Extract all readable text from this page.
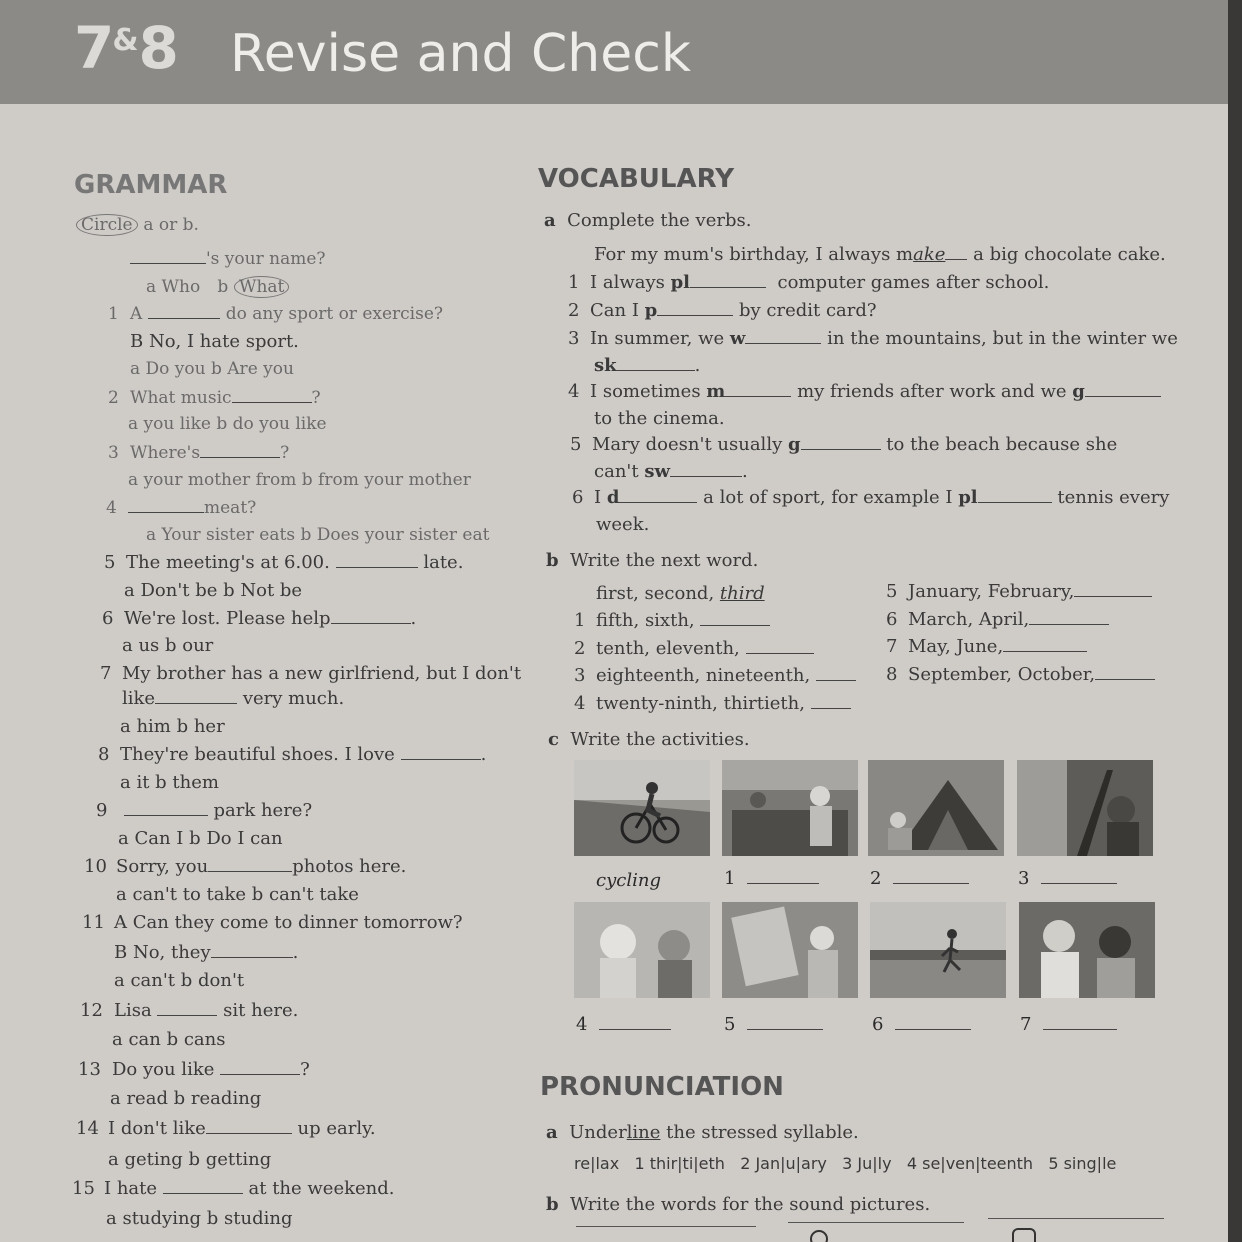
7&8 Revise and Check
GRAMMAR
Circle a or b.
's your name?
a Who b What
1 A	do any sport or exercise?
B No, I hate sport.
a Do you b Are you
2 What music	?
a you like b do you like
3 Where's	?
a your mother from b from your mother
4	meat?
a Your sister eats b Does your sister eat
5 The meeting's at 6.00.	late.
a Don't be b Not be
6 We're lost. Please help	.
a us b our
7 My brother has a new girlfriend, but I don't
like	very much.
a him b her
8 They're beautiful shoes. I love	.
a it b them
9	park here?
a Can I b Do I can
10 Sorry, you	photos here.
a can't to take b can't take
11 A Can they come to dinner tomorrow?
B No, they	.
a can't b don't
12 Lisa	sit here.
a can b cans
13 Do you like	?
a read b reading
14 I don't like	up early.
a geting b getting
15 I hate	at the weekend.
a studying b studing
VOCABULARY
a Complete the verbs.
For my mum's birthday, I always make a big chocolate cake.
1 I always pl	computer games after school.
2 Can I p	by credit card?
3 In summer, we w	in the mountains, but in the winter we
sk	.
4 I sometimes m	my friends after work and we g
to the cinema.
5 Mary doesn't usually g	to the beach because she
can't sw	.
6 I d	a lot of sport, for example I pl	tennis every
week.
b Write the next word.
first, second, third
1 fifth, sixth,
2 tenth, eleventh,
3 eighteenth, nineteenth,
4 twenty-ninth, thirtieth,
5 January, February,
6 March, April,
7 May, June,
8 September, October,
c Write the activities.
cycling	1	2	3
4	5	6	7
PRONUNCIATION
a Underline the stressed syllable.
re|lax 1 thir|ti|eth 2 Jan|u|ary 3 Ju|ly 4 se|ven|teenth 5 sing|le
b Write the words for the sound pictures.
